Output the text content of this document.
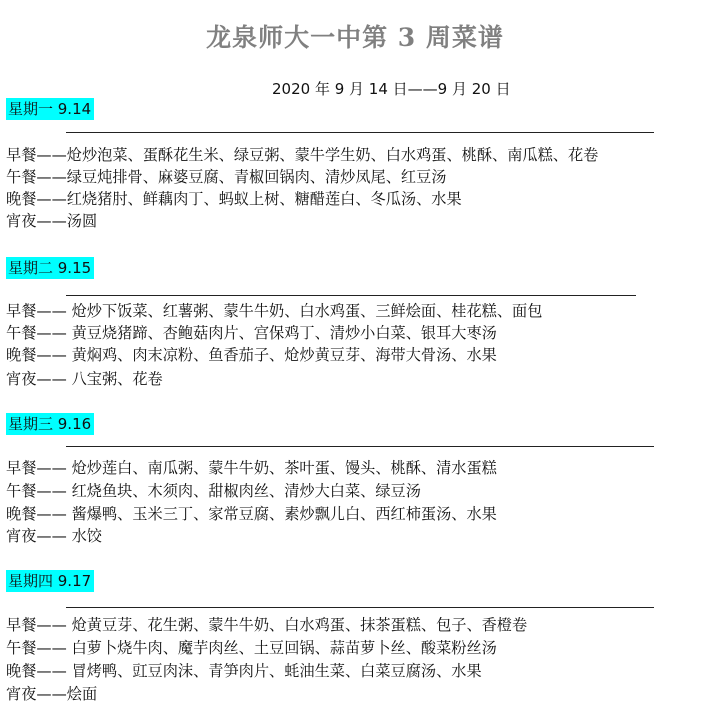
龙泉师大一中第 3 周菜谱
2020 年 9 月 14 日——9 月 20 日
星期一 9.14
早餐——炝炒泡菜、蛋酥花生米、绿豆粥、蒙牛学生奶、白水鸡蛋、桃酥、南瓜糕、花卷
午餐——绿豆炖排骨、麻婆豆腐、青椒回锅肉、清炒凤尾、红豆汤
晚餐——红烧猪肘、鲜藕肉丁、蚂蚁上树、糖醋莲白、冬瓜汤、水果
宵夜——汤圆
星期二 9.15
早餐—— 炝炒下饭菜、红薯粥、蒙牛牛奶、白水鸡蛋、三鲜烩面、桂花糕、面包
午餐—— 黄豆烧猪蹄、杏鲍菇肉片、宫保鸡丁、清炒小白菜、银耳大枣汤
晚餐—— 黄焖鸡、肉末凉粉、鱼香茄子、炝炒黄豆芽、海带大骨汤、水果
宵夜—— 八宝粥、花卷
星期三 9.16
早餐—— 炝炒莲白、南瓜粥、蒙牛牛奶、茶叶蛋、馒头、桃酥、清水蛋糕
午餐—— 红烧鱼块、木须肉、甜椒肉丝、清炒大白菜、绿豆汤
晚餐—— 酱爆鸭、玉米三丁、家常豆腐、素炒飘儿白、西红柿蛋汤、水果
宵夜—— 水饺
星期四 9.17
早餐—— 炝黄豆芽、花生粥、蒙牛牛奶、白水鸡蛋、抹茶蛋糕、包子、香橙卷
午餐—— 白萝卜烧牛肉、魔芋肉丝、土豆回锅、蒜苗萝卜丝、酸菜粉丝汤
晚餐—— 冒烤鸭、豇豆肉沫、青笋肉片、蚝油生菜、白菜豆腐汤、水果
宵夜——烩面
